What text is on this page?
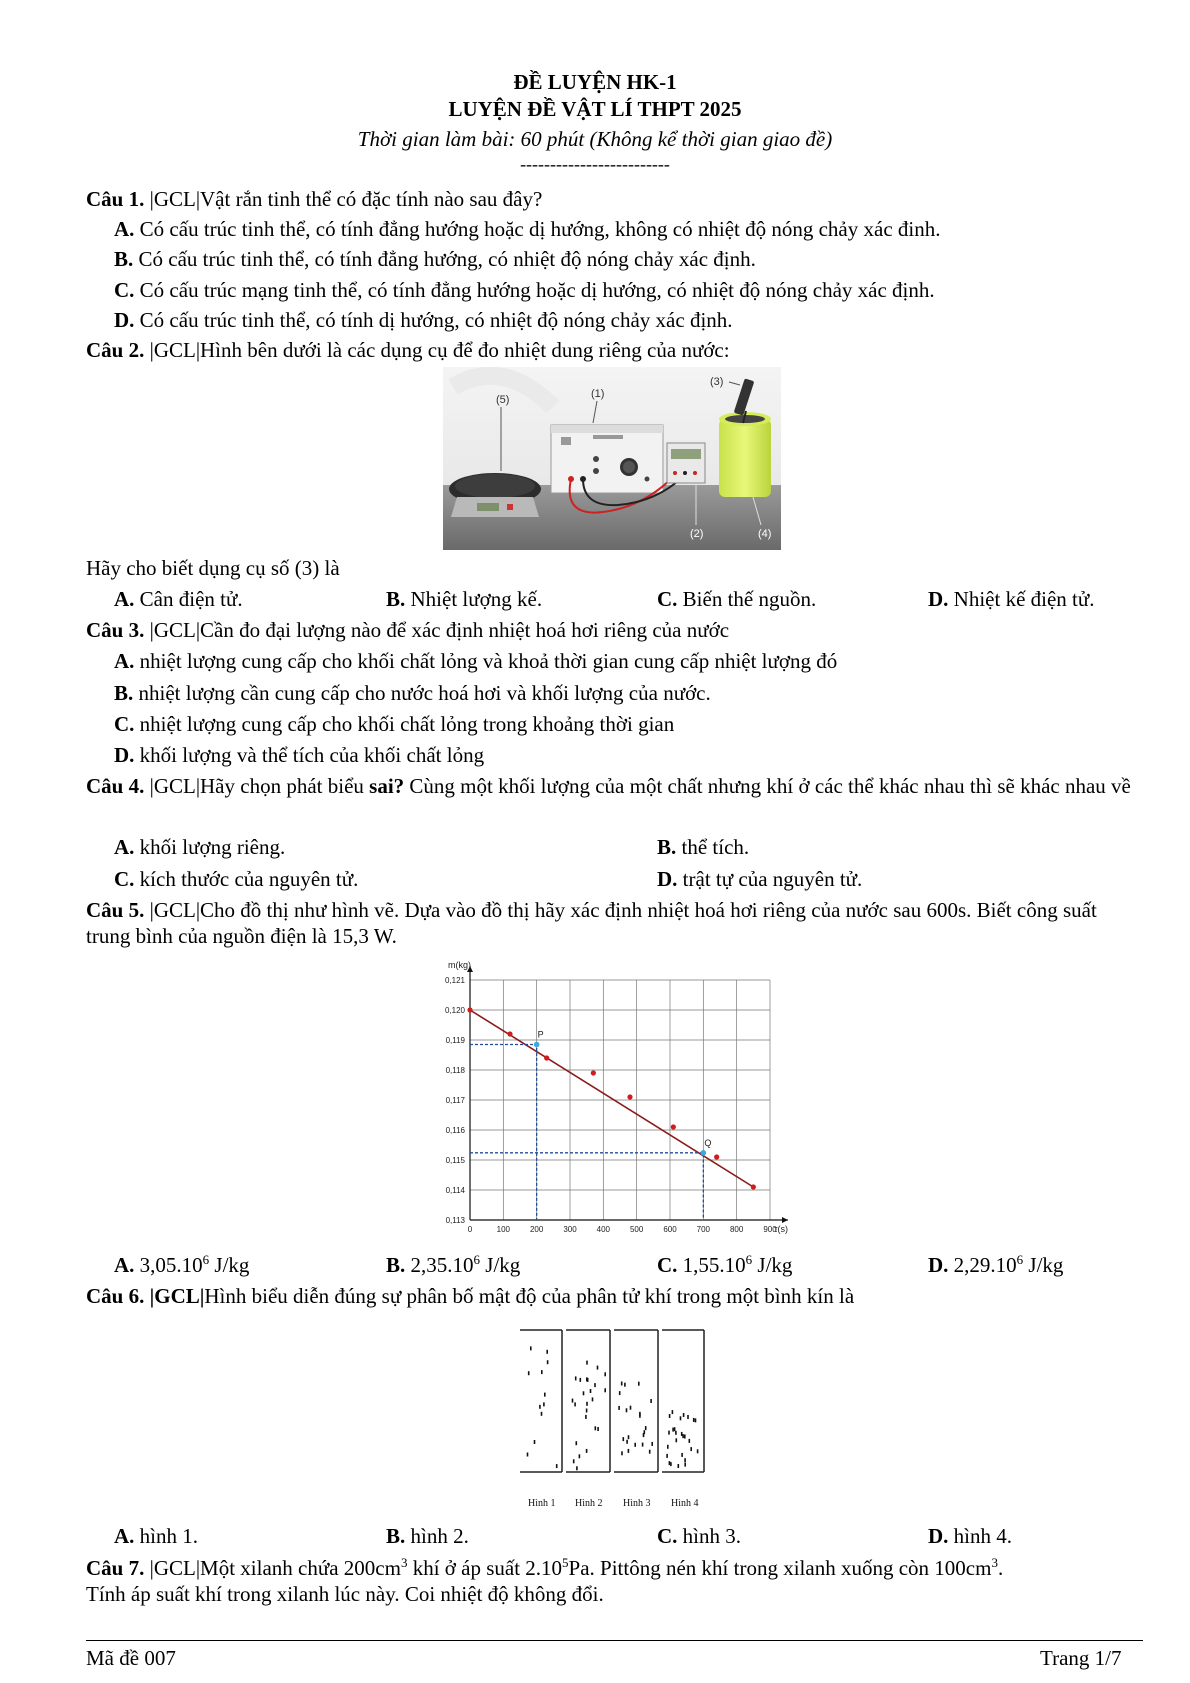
ĐỀ LUYỆN HK-1
LUYỆN ĐỀ VẬT LÍ THPT 2025
Thời gian làm bài: 60 phút (Không kể thời gian giao đề)
-------------------------
Câu 1. |GCL|Vật rắn tinh thể có đặc tính nào sau đây?
A. Có cấu trúc tinh thể, có tính đẳng hướng hoặc dị hướng, không có nhiệt độ nóng chảy xác đinh.
B. Có cấu trúc tinh thể, có tính đẳng hướng, có nhiệt độ nóng chảy xác định.
C. Có cấu trúc mạng tinh thể, có tính đẳng hướng hoặc dị hướng, có nhiệt độ nóng chảy xác định.
D. Có cấu trúc tinh thể, có tính dị hướng, có nhiệt độ nóng chảy xác định.
Câu 2. |GCL|Hình bên dưới là các dụng cụ để đo nhiệt dung riêng của nước:
(5)	(1)
(3)
(2)	(4)
Hãy cho biết dụng cụ số (3) là
A. Cân điện tử.	B. Nhiệt lượng kế.	C. Biến thế nguồn.	D. Nhiệt kế điện tử.
Câu 3. |GCL|Cần đo đại lượng nào để xác định nhiệt hoá hơi riêng của nước
A. nhiệt lượng cung cấp cho khối chất lỏng và khoả thời gian cung cấp nhiệt lượng đó
B. nhiệt lượng cần cung cấp cho nước hoá hơi và khối lượng của nước.
C. nhiệt lượng cung cấp cho khối chất lỏng trong khoảng thời gian
D. khối lượng và thể tích của khối chất lỏng
Câu 4. |GCL|Hãy chọn phát biểu sai? Cùng một khối lượng của một chất nhưng khí ở các thể khác nhau thì sẽ khác nhau về
A. khối lượng riêng.	B. thể tích.
C. kích thước của nguyên tử.	D. trật tự của nguyên tử.
Câu 5. |GCL|Cho đồ thị như hình vẽ. Dựa vào đồ thị hãy xác định nhiệt hoá hơi riêng của nước sau 600s. Biết công suất trung bình của nguồn điện là 15,3 W.
0	100 200 300 400 500 600 700 800 900
0,121
0,120
0,119
0,118
0,117
0,116
0,115
0,114
0,113
τ(s)
m(kg)
P
Q
A. 3,05.10$^6$ J/kg	B. 2,35.10$^6$ J/kg	C. 1,55.10$^6$ J/kg	D. 2,29.10$^6$ J/kg
Câu 6. |GCL|Hình biểu diễn đúng sự phân bố mật độ của phân tử khí trong một bình kín là
Hình 1 Hình 2 Hình 3 Hình 4
A. hình 1.	B. hình 2.	C. hình 3.	D. hình 4.
Câu 7. |GCL|Một xilanh chứa $200cm^3$ khí ở áp suất 2.10$^5$Pa. Pittông nén khí trong xilanh xuống còn $100cm^3$.
Tính áp suất khí trong xilanh lúc này. Coi nhiệt độ không đổi.
Mã đề 007	Trang 1/7
